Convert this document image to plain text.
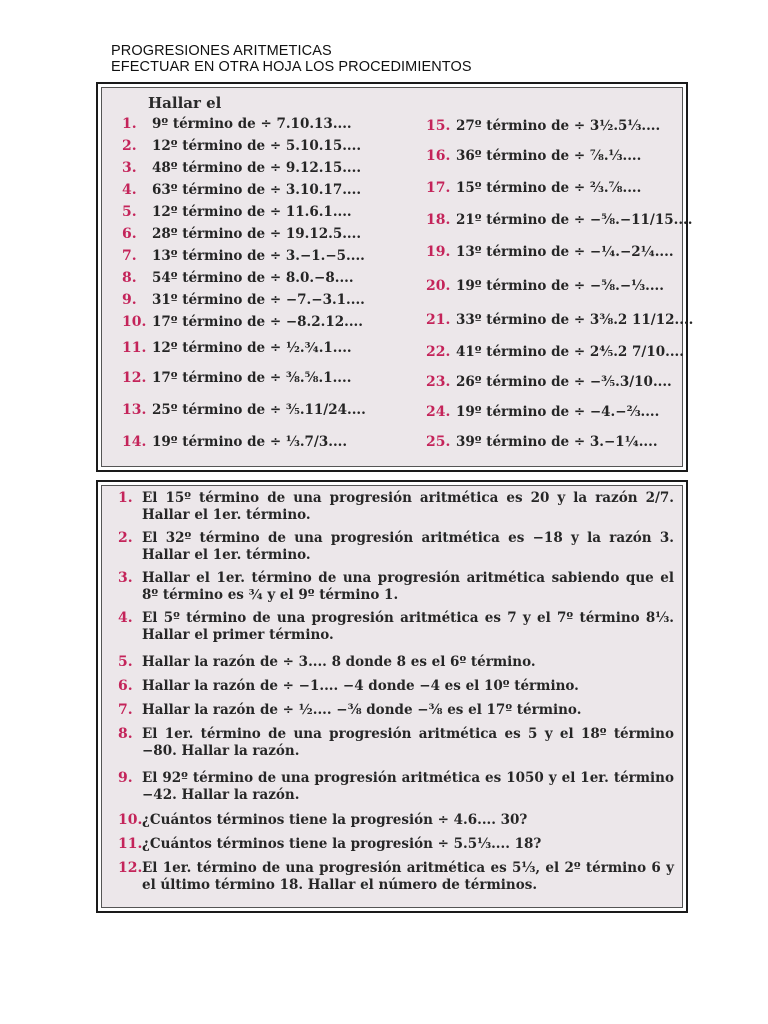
PROGRESIONES ARITMETICAS
EFECTUAR EN OTRA HOJA LOS PROCEDIMIENTOS
Hallar el
1. 9º término de ÷ 7.10.13....
2. 12º término de ÷ 5.10.15....
3. 48º término de ÷ 9.12.15....
4. 63º término de ÷ 3.10.17....
5. 12º término de ÷ 11.6.1....
6. 28º término de ÷ 19.12.5....
7. 13º término de ÷ 3.−1.−5....
8. 54º término de ÷ 8.0.−8....
9. 31º término de ÷ −7.−3.1....
10. 17º término de ÷ −8.2.12....
11. 12º término de ÷ ½.¾.1....
12. 17º término de ÷ ⅜.⅝.1....
13. 25º término de ÷ ⅗.11/24....
14. 19º término de ÷ ⅓.7/3....
15. 27º término de ÷ 3½.5⅓....
16. 36º término de ÷ ⅞.⅓....
17. 15º término de ÷ ⅔.⅞....
18. 21º término de ÷ −⅝.−11/15....
19. 13º término de ÷ −¼.−2¼....
20. 19º término de ÷ −⅝.−⅓....
21. 33º término de ÷ 3⅜.2 11/12....
22. 41º término de ÷ 2⅘.2 7/10....
23. 26º término de ÷ −⅗.3/10....
24. 19º término de ÷ −4.−⅔....
25. 39º término de ÷ 3.−1¼....
1. El 15º término de una progresión aritmética es 20 y la razón 2/7. Hallar el 1er. término.
2. El 32º término de una progresión aritmética es −18 y la razón 3. Hallar el 1er. término.
3. Hallar el 1er. término de una progresión aritmética sabiendo que el 8º término es ¾ y el 9º término 1.
4. El 5º término de una progresión aritmética es 7 y el 7º término 8⅓. Hallar el primer término.
5. Hallar la razón de ÷ 3.... 8 donde 8 es el 6º término.
6. Hallar la razón de ÷ −1.... −4 donde −4 es el 10º término.
7. Hallar la razón de ÷ ½.... −⅜ donde −⅜ es el 17º término.
8. El 1er. término de una progresión aritmética es 5 y el 18º término −80. Hallar la razón.
9. El 92º término de una progresión aritmética es 1050 y el 1er. término −42. Hallar la razón.
10. ¿Cuántos términos tiene la progresión ÷ 4.6.... 30?
11. ¿Cuántos términos tiene la progresión ÷ 5.5⅓.... 18?
12. El 1er. término de una progresión aritmética es 5⅓, el 2º término 6 y el último término 18. Hallar el número de términos.
